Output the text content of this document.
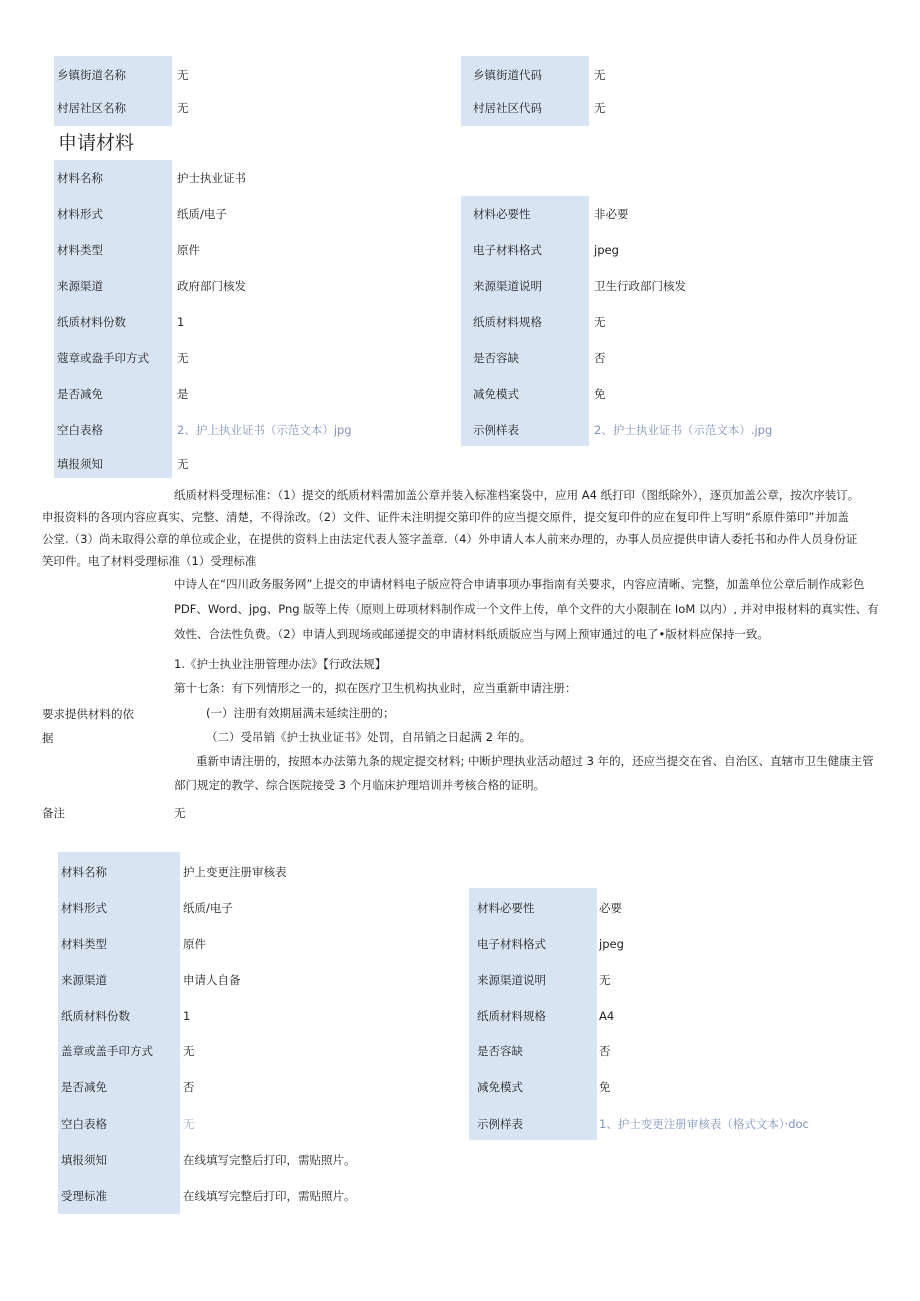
乡镇街道名称	无	乡镇街道代码	无
村居社区名称	无	村居社区代码	无
申请材料
材料名称	护士执业证书
材料形式	纸质/电子	材料必要性	非必要
材料类型	原件	电子材料格式	jpeg
来源渠道	政府部门核发	来源渠道说明	卫生行政部门核发
纸质材料份数	1	纸质材料规格	无
蔻章或盎手印方式 无	是否容缺	否
是否减免	是	减免模式	免
空白表格	2、护上执业证书（示范文本）jpg	示例样表	2、护士执业证书（示范文本）.jpg
填报须知	无
纸质材料受理标准：（1）提交的纸质材料需加盖公章并装入标准档案袋中，应用 A4 纸打印（图纸除外），逐页加盖公章，按次序装订。
申报资料的各项内容应真实、完整、清楚，不得涂改。（2）文件、证件未注明提交第印件的应当提交原件，提交复印件的应在复印件上写明“系原件第印”并加盖
公堂.（3）尚未取得公章的单位或企业，在提供的资料上由法定代表人签字盖章.（4）外申请人本人前来办理的，办事人员应提供申请人委托书和办件人员身份证
笑印件。电了材料受理标准（1）受理标准
中诗人在“四川政务服务网”上提交的申请材料电子版应符合申请事项办事指南有关要求，内容应清晰、完整，加盖单位公章后制作成彩色
PDF、Word、jpg、Png 版等上传（原则上毋项材料制作成一个文件上传，单个文件的大小限制在 IoM 以内）, 并对申报材料的真实性、有
效性、合法性负费。（2）申请人到现场或邮递提交的申请材料纸质版应当与网上预审通过的电了•版材料应保持一致。
1.《护士执业注册管理办法》【行政法规】
第十七条：有下列情形之一的，拟在医疗卫生机构执业时，应当重新申请注册：
要求提供材料的依	(一）注册有效期届满未延续注册的；
据	（二）受吊销《护士执业证书》处罚，自吊销之日起满 2 年的。
重新申请注册的，按照本办法第九条的规定提交材料; 中断护理执业活动超过 3 年的，还应当提交在省、自治区、直辖市卫生健康主管
部门规定的教学、综合医院接受 3 个月临床护理培训并考核合格的证明。
备注	无
材料名称	护上变更注册审核表
材料形式	纸质/电子	材料必要性	必要
材料类型	原件	电子材料格式	jpeg
来源渠道	申请人自备	来源渠道说明	无
纸质材料份数	1	纸质材料规格	A4
盖章或盖手印方式	无	是否容缺	否
是否减免	否	减免模式	免
空白表格	无	示例样表	1、护士变更注册审核表（格式文本）·doc
填报须知	在线填写完整后打印，需贴照片。
受理标准	在线填写完整后打印，需贴照片。
